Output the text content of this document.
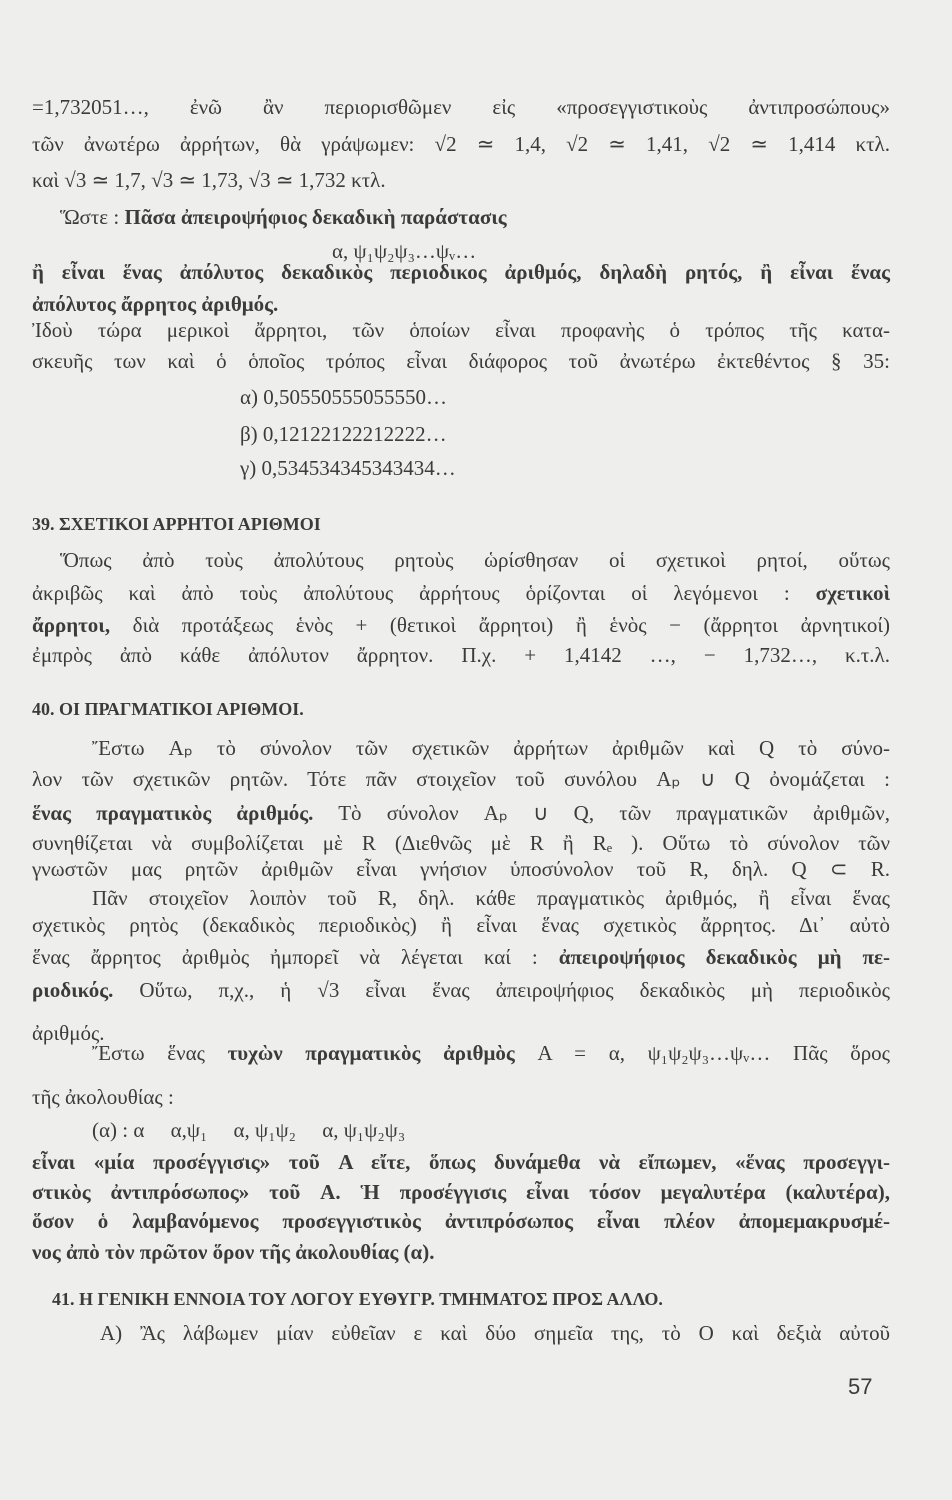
=1,732051…, ἐνῶ ἂν περιορισθῶμεν εἰς «προσεγγιστικοὺς ἀντιπροσώπους»
τῶν ἀνωτέρω ἀρρήτων, θὰ γράψωμεν: √2 ≃ 1,4, √2 ≃ 1,41, √2 ≃ 1,414 κτλ.
καὶ √3 ≃ 1,7, √3 ≃ 1,73, √3 ≃ 1,732 κτλ.
Ὥστε : Πᾶσα ἀπειροψήφιος δεκαδικὴ παράστασις
α, ψ₁ψ₂ψ₃…ψᵥ…
ἢ εἶναι ἕνας ἀπόλυτος δεκαδικὸς περιοδικος ἀριθμός, δηλαδὴ ρητός, ἢ εἶναι ἕνας
ἀπόλυτος ἄρρητος ἀριθμός.
Ἰδοὺ τώρα μερικοὶ ἄρρητοι, τῶν ὁποίων εἶναι προφανὴς ὁ τρόπος τῆς κατα-
σκευῆς των καὶ ὁ ὁποῖος τρόπος εἶναι διάφορος τοῦ ἀνωτέρω ἐκτεθέντος § 35:
α) 0,50550555055550…
β) 0,12122122212222…
γ) 0,534534345343434…
39. ΣΧΕΤΙΚΟΙ ΑΡΡΗΤΟΙ ΑΡΙΘΜΟΙ
Ὅπως ἀπὸ τοὺς ἀπολύτους ρητοὺς ὡρίσθησαν οἱ σχετικοὶ ρητοί, οὕτως
ἀκριβῶς καὶ ἀπὸ τοὺς ἀπολύτους ἀρρήτους ὁρίζονται οἱ λεγόμενοι : σχετικοὶ
ἄρρητοι, διὰ προτάξεως ἑνὸς + (θετικοὶ ἄρρητοι) ἢ ἑνὸς − (ἄρρητοι ἀρνητικοί)
ἐμπρὸς ἀπὸ κάθε ἀπόλυτον ἄρρητον. Π.χ. + 1,4142 …, − 1,732…, κ.τ.λ.
40. ΟΙ ΠΡΑΓΜΑΤΙΚΟΙ ΑΡΙΘΜΟΙ.
Ἔστω Aₚ τὸ σύνολον τῶν σχετικῶν ἀρρήτων ἀριθμῶν καὶ Q τὸ σύνο-
λον τῶν σχετικῶν ρητῶν. Τότε πᾶν στοιχεῖον τοῦ συνόλου Aₚ ∪ Q ὀνομάζεται :
ἕνας πραγματικὸς ἀριθμός. Τὸ σύνολον Aₚ ∪ Q, τῶν πραγματικῶν ἀριθμῶν,
συνηθίζεται νὰ συμβολίζεται μὲ R (Διεθνῶς μὲ R ἢ Rₑ ). Οὕτω τὸ σύνολον τῶν
γνωστῶν μας ρητῶν ἀριθμῶν εἶναι γνήσιον ὑποσύνολον τοῦ R, δηλ. Q ⊂ R.
Πᾶν στοιχεῖον λοιπὸν τοῦ R, δηλ. κάθε πραγματικὸς ἀριθμός, ἢ εἶναι ἕνας
σχετικὸς ρητὸς (δεκαδικὸς περιοδικὸς) ἢ εἶναι ἕνας σχετικὸς ἄρρητος. Δι᾽ αὐτὸ
ἕνας ἄρρητος ἀριθμὸς ἠμπορεῖ νὰ λέγεται καί : ἀπειροψήφιος δεκαδικὸς μὴ πε-
ριοδικός. Οὕτω, π,χ., ἡ √3 εἶναι ἕνας ἀπειροψήφιος δεκαδικὸς μὴ περιοδικὸς
ἀριθμός.
Ἔστω ἕνας τυχὼν πραγματικὸς ἀριθμὸς A = α, ψ₁ψ₂ψ₃…ψᵥ… Πᾶς ὅρος
τῆς ἀκολουθίας :
(α) : α     α,ψ₁     α, ψ₁ψ₂     α, ψ₁ψ₂ψ₃
εἶναι «μία προσέγγισις» τοῦ A εἴτε, ὅπως δυνάμεθα νὰ εἴπωμεν, «ἕνας προσεγγι-
στικὸς ἀντιπρόσωπος» τοῦ A. Ἡ προσέγγισις εἶναι τόσον μεγαλυτέρα (καλυτέρα),
ὅσον ὁ λαμβανόμενος προσεγγιστικὸς ἀντιπρόσωπος εἶναι πλέον ἀπομεμακρυσμέ-
νος ἀπὸ τὸν πρῶτον ὅρον τῆς ἀκολουθίας (α).
41. Η ΓΕΝΙΚΗ ΕΝΝΟΙΑ ΤΟΥ ΛΟΓΟΥ ΕΥΘΥΓΡ. ΤΜΗΜΑΤΟΣ ΠΡΟΣ ΑΛΛΟ.
A) Ἂς λάβωμεν μίαν εὐθεῖαν ε καὶ δύο σημεῖα της, τὸ O καὶ δεξιὰ αὐτοῦ
57
